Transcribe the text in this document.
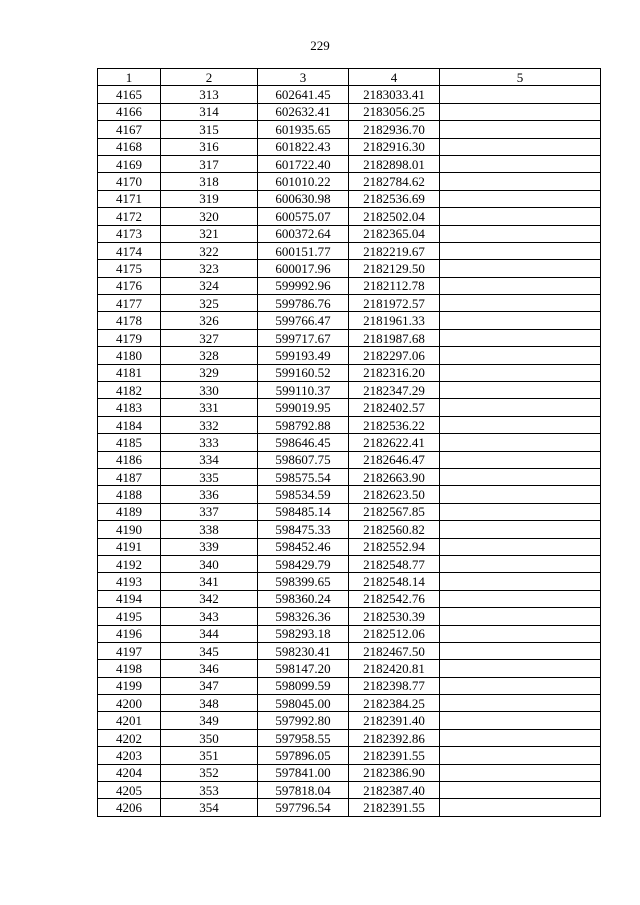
229
1	2	3	4	5
4165	313	602641.45	2183033.41	
4166	314	602632.41	2183056.25	
4167	315	601935.65	2182936.70	
4168	316	601822.43	2182916.30	
4169	317	601722.40	2182898.01	
4170	318	601010.22	2182784.62	
4171	319	600630.98	2182536.69	
4172	320	600575.07	2182502.04	
4173	321	600372.64	2182365.04	
4174	322	600151.77	2182219.67	
4175	323	600017.96	2182129.50	
4176	324	599992.96	2182112.78	
4177	325	599786.76	2181972.57	
4178	326	599766.47	2181961.33	
4179	327	599717.67	2181987.68	
4180	328	599193.49	2182297.06	
4181	329	599160.52	2182316.20	
4182	330	599110.37	2182347.29	
4183	331	599019.95	2182402.57	
4184	332	598792.88	2182536.22	
4185	333	598646.45	2182622.41	
4186	334	598607.75	2182646.47	
4187	335	598575.54	2182663.90	
4188	336	598534.59	2182623.50	
4189	337	598485.14	2182567.85	
4190	338	598475.33	2182560.82	
4191	339	598452.46	2182552.94	
4192	340	598429.79	2182548.77	
4193	341	598399.65	2182548.14	
4194	342	598360.24	2182542.76	
4195	343	598326.36	2182530.39	
4196	344	598293.18	2182512.06	
4197	345	598230.41	2182467.50	
4198	346	598147.20	2182420.81	
4199	347	598099.59	2182398.77	
4200	348	598045.00	2182384.25	
4201	349	597992.80	2182391.40	
4202	350	597958.55	2182392.86	
4203	351	597896.05	2182391.55	
4204	352	597841.00	2182386.90	
4205	353	597818.04	2182387.40	
4206	354	597796.54	2182391.55	
